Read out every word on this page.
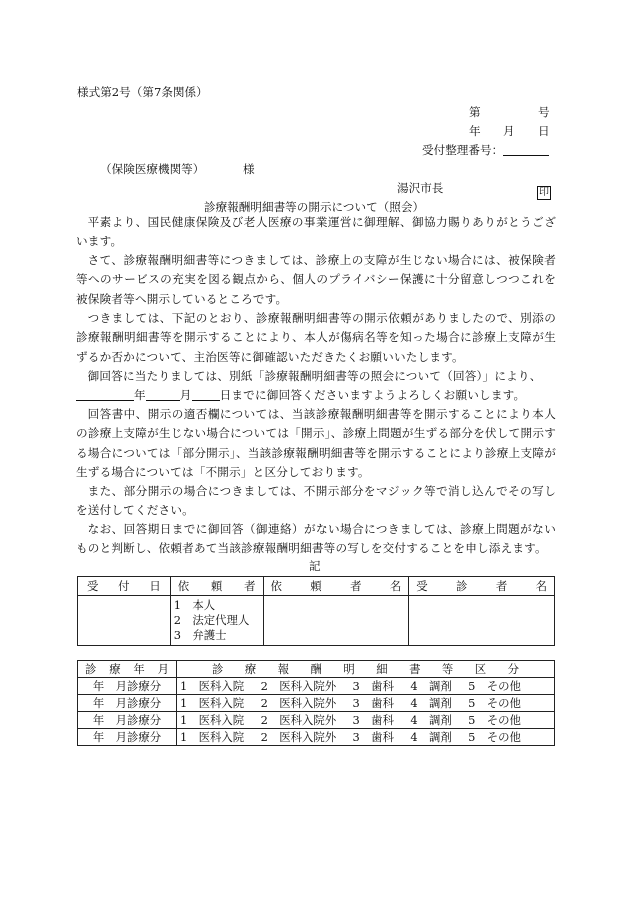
様式第2号（第7条関係）
第	号
年 月 日
受付整理番号：
（保険医療機関等）	様
湯沢市長	印
診療報酬明細書等の開示について（照会）
平素より、国民健康保険及び老人医療の事業運営に御理解、御協力賜りありがとうございます。
さて、診療報酬明細書等につきましては、診療上の支障が生じない場合には、被保険者等へのサービスの充実を図る観点から、個人のプライバシー保護に十分留意しつつこれを被保険者等へ開示しているところです。
つきましては、下記のとおり、診療報酬明細書等の開示依頼がありましたので、別添の診療報酬明細書等を開示することにより、本人が傷病名等を知った場合に診療上支障が生ずるか否かについて、主治医等に御確認いただきたくお願いいたします。
御回答に当たりましては、別紙「診療報酬明細書等の照会について（回答）」により、
年	月 日までに御回答くださいますようよろしくお願いします。
回答書中、開示の適否欄については、当該診療報酬明細書等を開示することにより本人の診療上支障が生じない場合については「開示」、診療上問題が生ずる部分を伏して開示する場合については「部分開示」、当該診療報酬明細書等を開示することにより診療上支障が生ずる場合については「不開示」と区分しております。
また、部分開示の場合につきましては、不開示部分をマジック等で消し込んでその写しを送付してください。
なお、回答期日までに御回答（御連絡）がない場合につきましては、診療上問題がないものと判断し、依頼者あて当該診療報酬明細書等の写しを交付することを申し添えます。
記
受付日	依頼者	依頼者名	受診者名

	1　本人
2　法定代理人
3　弁護士		

診療年月	診療報酬明細書等区分

年　月診療分	1　医科入院 2　医科入院外 3　歯科 4　調剤 5　その他

年　月診療分	1　医科入院 2　医科入院外 3　歯科 4　調剤 5　その他

年　月診療分	1　医科入院 2　医科入院外 3　歯科 4　調剤 5　その他

年　月診療分	1　医科入院 2　医科入院外 3　歯科 4　調剤 5　その他
